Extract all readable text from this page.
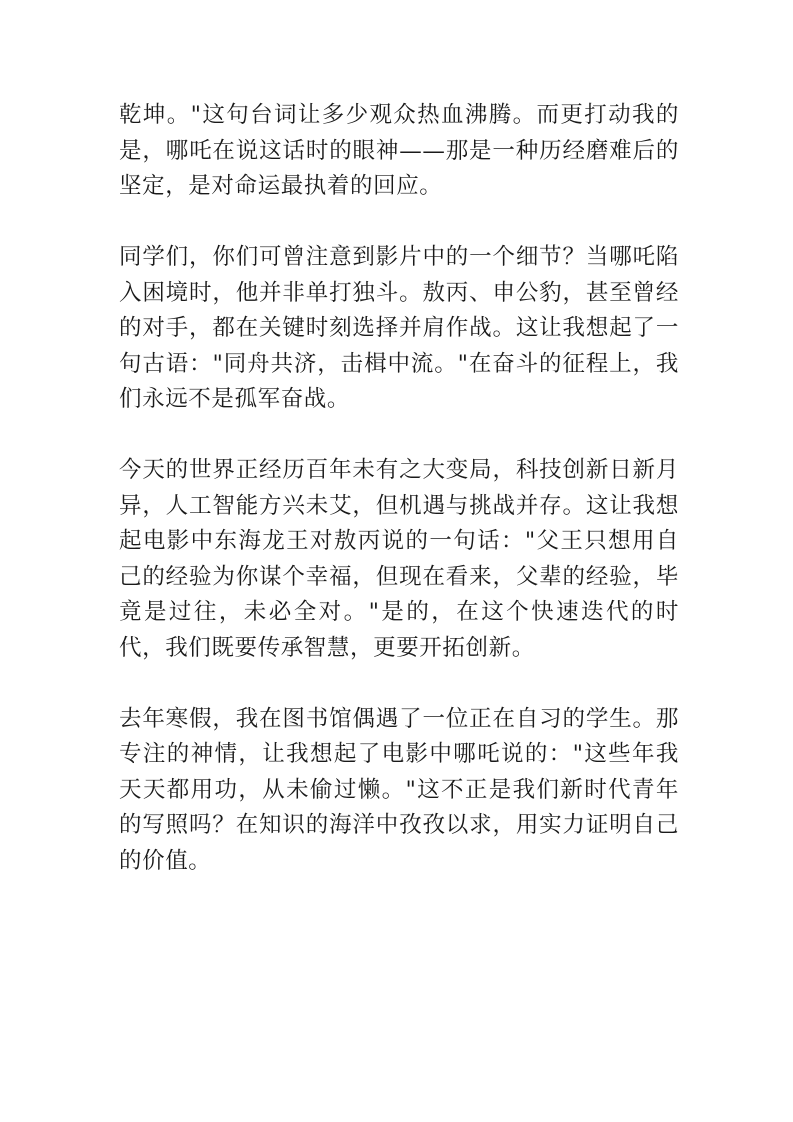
乾坤。"这句台词让多少观众热血沸腾。而更打动我的是，哪吒在说这话时的眼神——那是一种历经磨难后的坚定，是对命运最执着的回应。

同学们，你们可曾注意到影片中的一个细节？当哪吒陷入困境时，他并非单打独斗。敖丙、申公豹，甚至曾经的对手，都在关键时刻选择并肩作战。这让我想起了一句古语："同舟共济，击楫中流。"在奋斗的征程上，我们永远不是孤军奋战。

今天的世界正经历百年未有之大变局，科技创新日新月异，人工智能方兴未艾，但机遇与挑战并存。这让我想起电影中东海龙王对敖丙说的一句话："父王只想用自己的经验为你谋个幸福，但现在看来，父辈的经验，毕竟是过往，未必全对。"是的，在这个快速迭代的时代，我们既要传承智慧，更要开拓创新。

去年寒假，我在图书馆偶遇了一位正在自习的学生。那专注的神情，让我想起了电影中哪吒说的："这些年我天天都用功，从未偷过懒。"这不正是我们新时代青年的写照吗？在知识的海洋中孜孜以求，用实力证明自己的价值。
